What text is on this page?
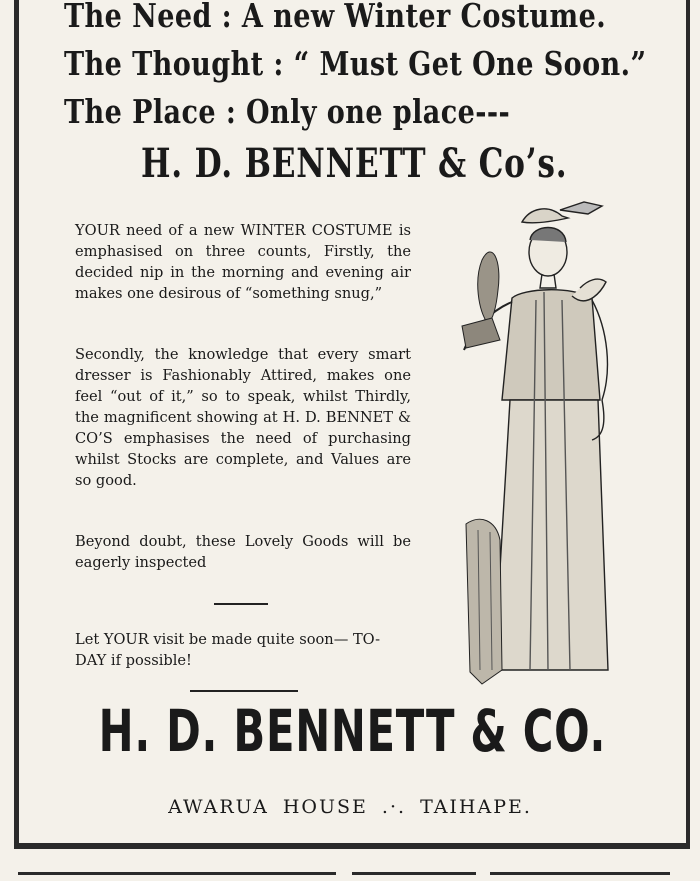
The Need : A new Winter Costume.
The Thought : “ Must Get One Soon.”
The Place : Only one place---
H. D. BENNETT & Co’s.

YOUR need of a new WINTER COSTUME is emphasised on three counts, Firstly, the decided nip in the morning and evening air makes one desirous of “something snug,”

Secondly, the knowledge that every smart dresser is Fashionably Attired, makes one feel “out of it,” so to speak, whilst Thirdly, the magnificent showing at H. D. BENNET & CO’S emphasises the need of purchasing whilst Stocks are complete, and Values are so good.

Beyond doubt, these Lovely Goods will be eagerly inspected

Let YOUR visit be made quite soon— TO-DAY if possible!

H. D. BENNETT & CO.

AWARUA HOUSE .·. TAIHAPE.
